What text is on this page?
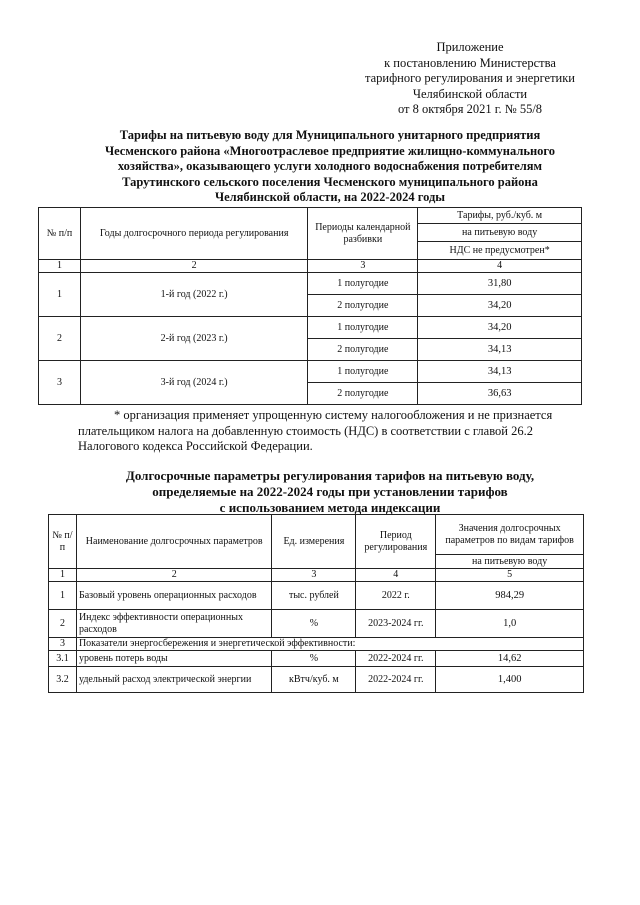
Приложение
к постановлению Министерства
тарифного регулирования и энергетики
Челябинской области
от 8 октября 2021 г. № 55/8
Тарифы на питьевую воду для Муниципального унитарного предприятия
Чесменского района «Многоотраслевое предприятие жилищно-коммунального
хозяйства», оказывающего услуги холодного водоснабжения потребителям
Тарутинского сельского поселения Чесменского муниципального района
Челябинской области, на 2022-2024 годы
№ п/п	Годы долгосрочного периода регулирования	Периоды календарной разбивки	Тарифы, руб./куб. м
			на питьевую воду
			НДС не предусмотрен*
1	2	3	4
1	1-й год (2022 г.)	1 полугодие	31,80
		2 полугодие	34,20
2	2-й год (2023 г.)	1 полугодие	34,20
		2 полугодие	34,13
3	3-й год (2024 г.)	1 полугодие	34,13
		2 полугодие	36,63
* организация применяет упрощенную систему налогообложения и не признается
плательщиком налога на добавленную стоимость (НДС) в соответствии с главой 26.2
Налогового кодекса Российской Федерации.
Долгосрочные параметры регулирования тарифов на питьевую воду,
определяемые на 2022-2024 годы при установлении тарифов
с использованием метода индексации
№ п/п	Наименование долгосрочных параметров	Ед. измерения	Период регулирования	Значения долгосрочных параметров по видам тарифов
				на питьевую воду
1	2	3	4	5
1	Базовый уровень операционных расходов	тыс. рублей	2022 г.	984,29
2	Индекс эффективности операционных расходов	%	2023-2024 гг.	1,0
3	Показатели энергосбережения и энергетической эффективности:			
3.1	уровень потерь воды	%	2022-2024 гг.	14,62
3.2	удельный расход электрической энергии	кВтч/куб. м	2022-2024 гг.	1,400
